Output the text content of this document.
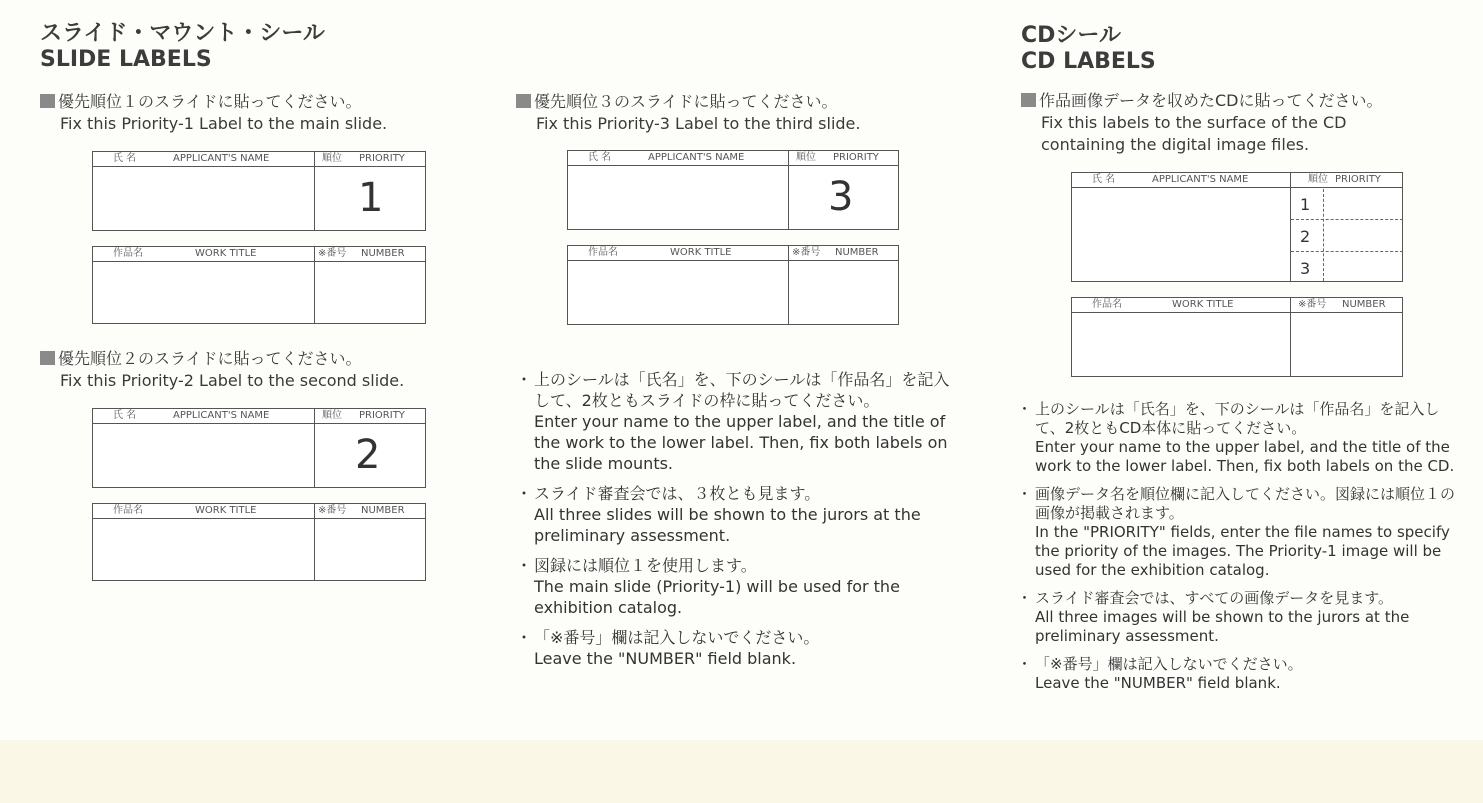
スライド・マウント・シール
SLIDE LABELS
優先順位１のスライドに貼ってください。
Fix this Priority-1 Label to the main slide.
氏 名	APPLICANT'S NAME	順位 PRIORITY
1
作品名	WORK TITLE	※番号 NUMBER
優先順位２のスライドに貼ってください。
Fix this Priority-2 Label to the second slide.
氏 名	APPLICANT'S NAME	順位 PRIORITY
2
作品名	WORK TITLE	※番号 NUMBER
優先順位３のスライドに貼ってください。
Fix this Priority-3 Label to the third slide.
氏 名	APPLICANT'S NAME	順位 PRIORITY
3
作品名	WORK TITLE	※番号 NUMBER
・ 上のシールは「氏名」を、下のシールは「作品名」を記入して、2枚ともスライドの枠に貼ってください。
Enter your name to the upper label, and the title of the work to the lower label. Then, fix both labels on the slide mounts.
・ スライド審査会では、３枚とも見ます。
All three slides will be shown to the jurors at the preliminary assessment.
・ 図録には順位１を使用します。
The main slide (Priority-1) will be used for the exhibition catalog.
・ 「※番号」欄は記入しないでください。
Leave the "NUMBER" field blank.
CDシール
CD LABELS
作品画像データを収めたCDに貼ってください。
Fix this labels to the surface of the CD
containing the digital image files.
氏 名	APPLICANT'S NAME	順位 PRIORITY
1
2
3
作品名	WORK TITLE	※番号 NUMBER
・ 上のシールは「氏名」を、下のシールは「作品名」を記入して、2枚ともCD本体に貼ってください。
Enter your name to the upper label, and the title of the work to the lower label. Then, fix both labels on the CD.
・ 画像データ名を順位欄に記入してください。図録には順位１の画像が掲載されます。
In the "PRIORITY" fields, enter the file names to specify the priority of the images. The Priority-1 image will be used for the exhibition catalog.
・ スライド審査会では、すべての画像データを見ます。
All three images will be shown to the jurors at the preliminary assessment.
・ 「※番号」欄は記入しないでください。
Leave the "NUMBER" field blank.
